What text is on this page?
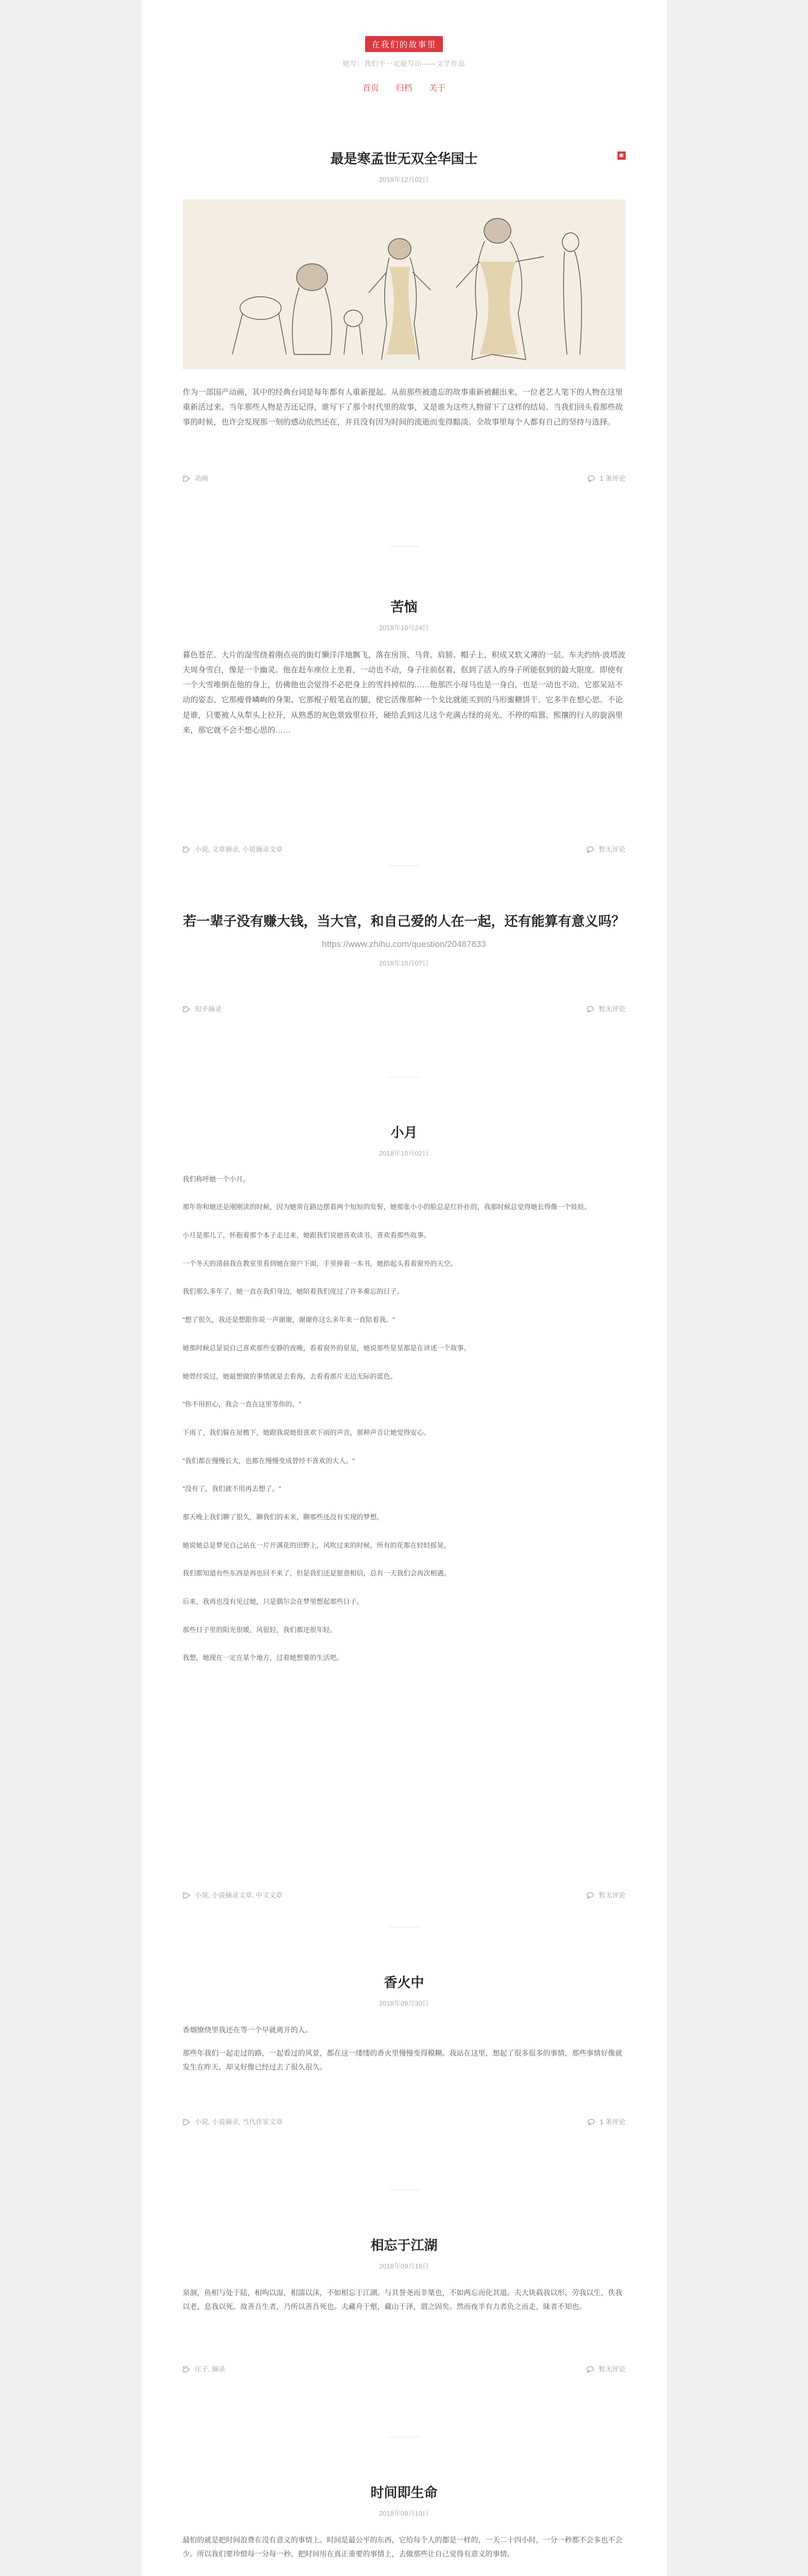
在我们的故事里
她写：我们不一定能写出——文学作品
首页 归档 关于
最是寒孟世无双全华国士	✱
2018年12月02日

作为一部国产动画，其中的经典台词是每年都有人重新提起。从前那些被遗忘的故事重新被翻出来，一位老艺人笔下的人物在这里重新活过来。当年那些人物是否还记得，谁写下了那个时代里的故事，又是谁为这些人物留下了这样的结局。当我们回头看那些故事的时候，也许会发现那一刻的感动依然还在，并且没有因为时间的流逝而变得黯淡。全故事里每个人都有自己的坚持与选择。

动画	1 条评论
苦恼
2018年10月24日

暮色苍茫。大片的湿雪绕着刚点亮的街灯懒洋洋地飘飞，落在房顶、马背、肩膀、帽子上，积成又软又薄的一层。车夫约纳·波塔波夫周身雪白，像是一个幽灵。他在赶车座位上坐着，一动也不动，身子往前伛着，伛到了活人的身子所能伛到的最大限度。即使有一个大雪堆倒在他的身上，仿佛他也会觉得不必把身上的雪抖掉似的……他那匹小母马也是一身白，也是一动也不动。它那呆站不动的姿态、它那瘦骨嶙峋的身架、它那棍子般笔直的腿，使它活像那种一个戈比就能买到的马形蜜糖饼干。它多半在想心思。不论是谁，只要被人从犁头上拉开，从熟悉的灰色景致里拉开，硬给丢到这儿这个充满古怪的亮光、不停的喧嚣、熙攘的行人的旋涡里来，那它就不会不想心思的……

小说, 文章摘录, 小说摘录文章	暂无评论
若一辈子没有赚大钱，当大官，和自己爱的人在一起，还有能算有意义吗？

https://www.zhihu.com/question/20487833

2018年10月07日
知乎摘录	暂无评论
小月
2018年10月02日

我们称呼她一个小月。

那年你和她还是刚刚读的时候，因为她常在路边摆着两个短短的发髻，她那张小小的脸总是红扑扑的，我那时候总觉得她长得像一个娃娃。

小月是那儿了，怀抱着那个本子走过来，她跟我们说她喜欢读书，喜欢看那些故事。

一个冬天的清晨我在教室里看到她在窗户下面，手里捧着一本书，她抬起头看着窗外的天空。

我们那么多年了，她一直在我们身边，她陪着我们度过了许多难忘的日子。

"想了很久，我还是想跟你说一声谢谢，谢谢你这么多年来一直陪着我。"

她那时候总是说自己喜欢那些安静的夜晚，看着窗外的星星，她说那些星星都是在讲述一个故事。

她曾经说过，她最想做的事情就是去看海，去看看那片无边无际的蓝色。

"你不用担心，我会一直在这里等你的。"

下雨了，我们躲在屋檐下，她跟我说她很喜欢下雨的声音，那种声音让她觉得安心。

"我们都在慢慢长大，也都在慢慢变成曾经不喜欢的大人。"

"没有了，我们就不用再去想了。"

那天晚上我们聊了很久，聊我们的未来，聊那些还没有实现的梦想。

她说她总是梦见自己站在一片开满花的田野上，风吹过来的时候，所有的花都在轻轻摇晃。

我们都知道有些东西是再也回不来了，但是我们还是愿意相信，总有一天我们会再次相遇。

后来，我再也没有见过她，只是偶尔会在梦里想起那些日子。

那些日子里的阳光很暖，风很轻，我们都还很年轻。

我想，她现在一定在某个地方，过着她想要的生活吧。

小说, 小说摘录文章, 中文文章	暂无评论
香火中
2018年09月30日

香烟缭绕里我还在等一个早就离开的人。

那些年我们一起走过的路，一起看过的风景，都在这一缕缕的香火里慢慢变得模糊。我站在这里，想起了很多很多的事情，那些事情好像就发生在昨天，却又好像已经过去了很久很久。

小说, 小说摘录, 当代作家文章	1 条评论
相忘于江湖
2018年09月16日

泉涸，鱼相与处于陆，相呴以湿，相濡以沫，不如相忘于江湖。与其誉尧而非桀也，不如两忘而化其道。夫大块载我以形，劳我以生，佚我以老，息我以死。故善吾生者，乃所以善吾死也。夫藏舟于壑，藏山于泽，谓之固矣。然而夜半有力者负之而走，昧者不知也。

庄子, 摘录	暂无评论
时间即生命
2018年09月10日

最怕的就是把时间浪费在没有意义的事情上。时间是最公平的东西，它给每个人的都是一样的，一天二十四小时，一分一秒都不会多也不会少。所以我们要珍惜每一分每一秒，把时间用在真正重要的事情上，去做那些让自己觉得有意义的事情。
